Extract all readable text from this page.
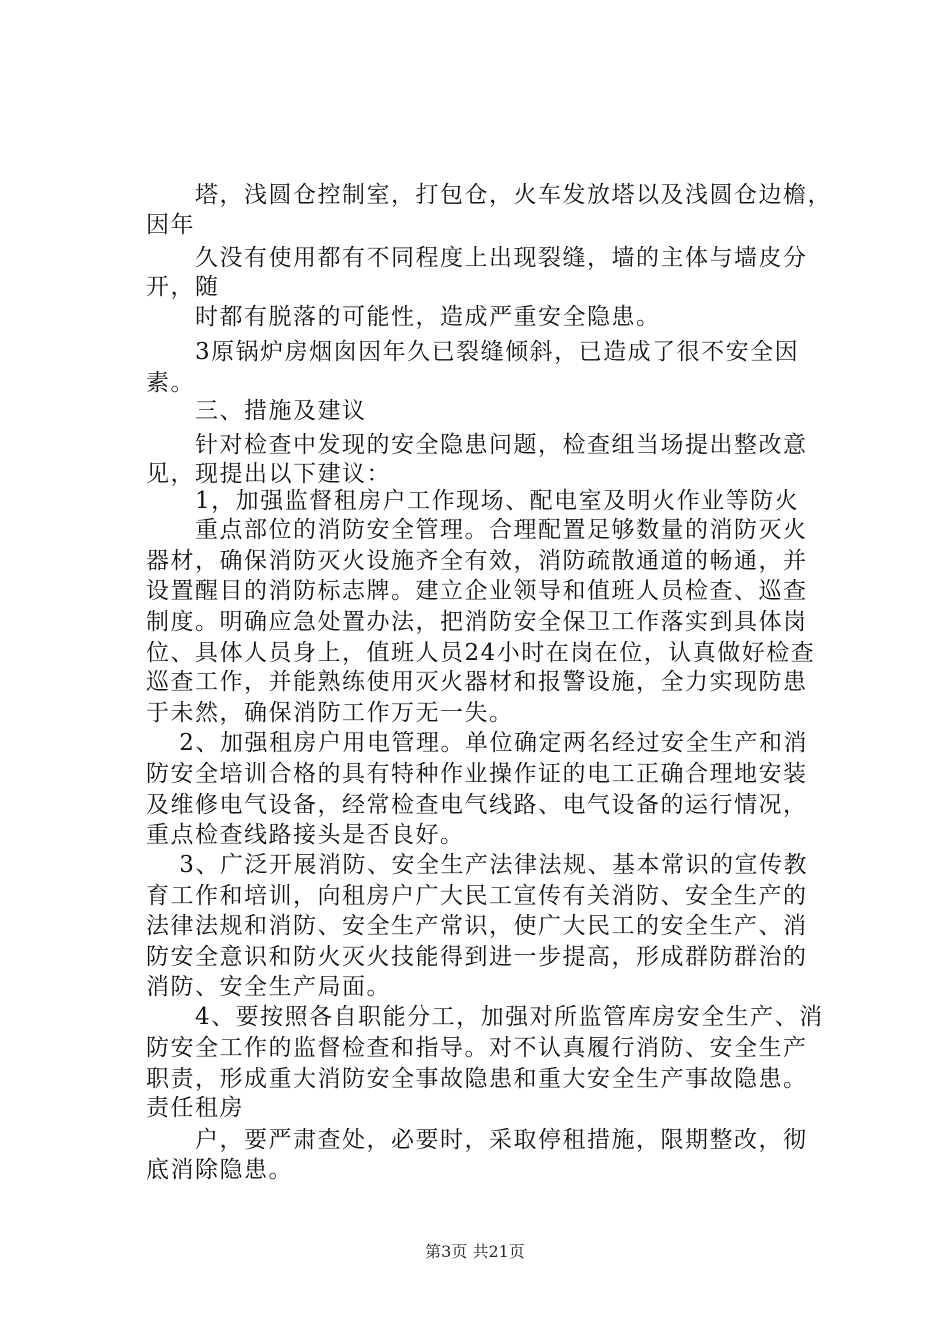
　　塔，浅圆仓控制室，打包仓，火车发放塔以及浅圆仓边檐，
因年
　　久没有使用都有不同程度上出现裂缝，墙的主体与墙皮分
开，随
　　时都有脱落的可能性，造成严重安全隐患。
　　3原锅炉房烟囱因年久已裂缝倾斜，已造成了很不安全因
素。
　　三、措施及建议
　　针对检查中发现的安全隐患问题，检查组当场提出整改意
见，现提出以下建议：
　　1，加强监督租房户工作现场、配电室及明火作业等防火
　　重点部位的消防安全管理。合理配置足够数量的消防灭火
器材，确保消防灭火设施齐全有效，消防疏散通道的畅通，并
设置醒目的消防标志牌。建立企业领导和值班人员检查、巡查
制度。明确应急处置办法，把消防安全保卫工作落实到具体岗
位、具体人员身上，值班人员24小时在岗在位，认真做好检查
巡查工作，并能熟练使用灭火器材和报警设施，全力实现防患
于未然，确保消防工作万无一失。
　 2、加强租房户用电管理。单位确定两名经过安全生产和消
防安全培训合格的具有特种作业操作证的电工正确合理地安装
及维修电气设备，经常检查电气线路、电气设备的运行情况，
重点检查线路接头是否良好。
　 3、广泛开展消防、安全生产法律法规、基本常识的宣传教
育工作和培训，向租房户广大民工宣传有关消防、安全生产的
法律法规和消防、安全生产常识，使广大民工的安全生产、消
防安全意识和防火灭火技能得到进一步提高，形成群防群治的
消防、安全生产局面。
　　4、要按照各自职能分工，加强对所监管库房安全生产、消
防安全工作的监督检查和指导。对不认真履行消防、安全生产
职责，形成重大消防安全事故隐患和重大安全生产事故隐患。
责任租房
　　户，要严肃查处，必要时，采取停租措施，限期整改，彻
底消除隐患。
第3页 共21页
